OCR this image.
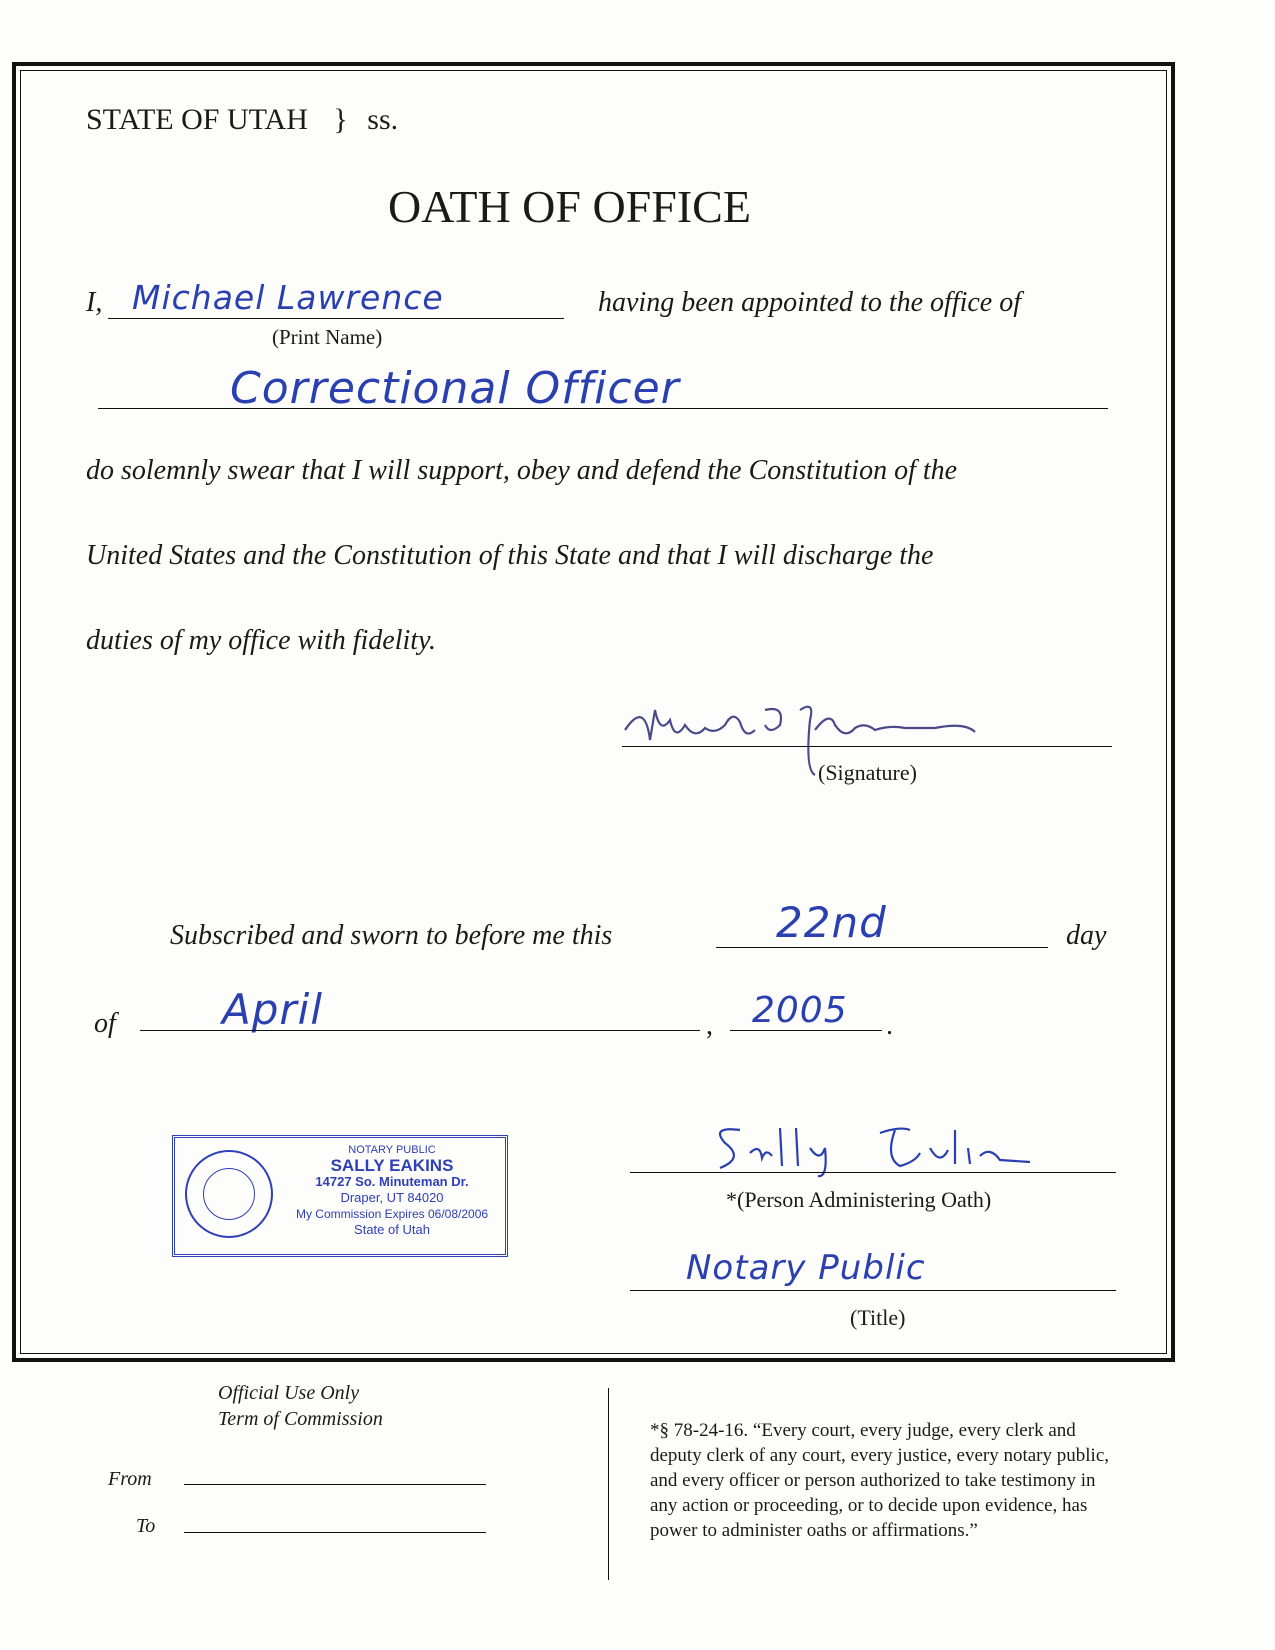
STATE OF UTAH } ss.
OATH OF OFFICE
I, Michael Lawrence
(Print Name)
having been appointed to the office of
Correctional Officer
do solemnly swear that I will support, obey and defend the Constitution of the
United States and the Constitution of this State and that I will discharge the
duties of my office with fidelity.
(Signature)
Subscribed and sworn to before me this	22nd	day
of	April	, 2005 .
NOTARY PUBLIC
SALLY EAKINS
14727 So. Minuteman Dr.
Draper, UT 84020
My Commission Expires 06/08/2006
State of Utah
*(Person Administering Oath)
Notary Public
(Title)
Official Use Only
Term of Commission
From
To
*§ 78-24-16. “Every court, every judge, every clerk and
deputy clerk of any court, every justice, every notary public,
and every officer or person authorized to take testimony in
any action or proceeding, or to decide upon evidence, has
power to administer oaths or affirmations.”
